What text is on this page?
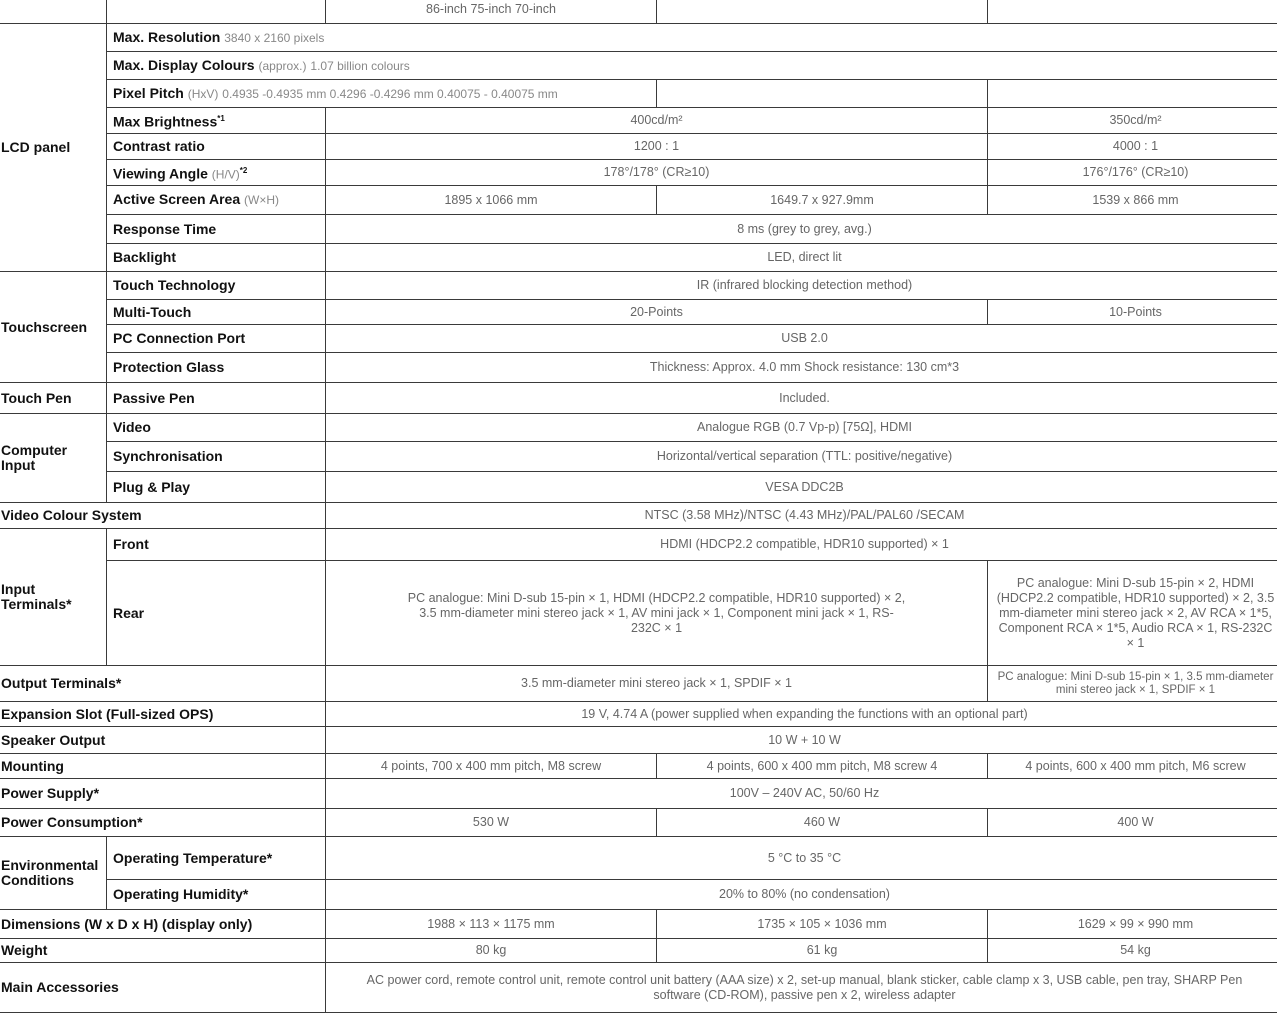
		86-inch 75-inch 70-inch		
LCD panel	Max. Resolution 3840 x 2160 pixels			
	Max. Display Colours (approx.) 1.07 billion colours			
	Pixel Pitch (HxV) 0.4935 -0.4935 mm 0.4296 -0.4296 mm 0.40075 - 0.40075 mm			
	Max Brightness$^{*1}$	400cd/m²		350cd/m²
	Contrast ratio	1200 : 1		4000 : 1
	Viewing Angle $(H/V)^{*2}$	178°/178° (CR≥10)		176°/176° (CR≥10)
	Active Screen Area (W×H)	1895 x 1066 mm	1649.7 x 927.9mm	1539 x 866 mm
	Response Time	8 ms (grey to grey, avg.)		
	Backlight	LED, direct lit		
Touchscreen	Touch Technology	IR (infrared blocking detection method)		
	Multi-Touch	20-Points		10-Points
	PC Connection Port	USB 2.0		
	Protection Glass	Thickness: Approx. 4.0 mm Shock resistance: 130 cm*3		
Touch Pen	Passive Pen	Included.		
Computer Input	Video	Analogue RGB (0.7 Vp-p) [75Ω], HDMI		
	Synchronisation	Horizontal/vertical separation (TTL: positive/negative)		
	Plug & Play	VESA DDC2B		
Video Colour System		NTSC (3.58 MHz)/NTSC (4.43 MHz)/PAL/PAL60 /SECAM		
Input Terminals*	Front	HDMI (HDCP2.2 compatible, HDR10 supported) × 1		
	Rear	PC analogue: Mini D-sub 15-pin × 1, HDMI (HDCP2.2 compatible, HDR10 supported) × 2, 3.5 mm-diameter mini stereo jack × 1, AV mini jack × 1, Component mini jack × 1, RS-232C × 1		PC analogue: Mini D-sub 15-pin × 2, HDMI (HDCP2.2 compatible, HDR10 supported) × 2, 3.5 mm-diameter mini stereo jack × 2, AV RCA × 1*5, Component RCA × 1*5, Audio RCA × 1, RS-232C × 1
Output Terminals*		3.5 mm-diameter mini stereo jack × 1, SPDIF × 1		PC analogue: Mini D-sub 15-pin × 1, 3.5 mm-diameter mini stereo jack × 1, SPDIF × 1
Expansion Slot (Full-sized OPS)		19 V, 4.74 A (power supplied when expanding the functions with an optional part)		
Speaker Output		10 W + 10 W		
Mounting		4 points, 700 x 400 mm pitch, M8 screw	4 points, 600 x 400 mm pitch, M8 screw 4	4 points, 600 x 400 mm pitch, M6 screw
Power Supply*		100V – 240V AC, 50/60 Hz		
Power Consumption*		530 W	460 W	400 W
Environmental Conditions	Operating Temperature*	5 °C to 35 °C		
	Operating Humidity*	20% to 80% (no condensation)		
Dimensions (W x D x H) (display only)		1988 × 113 × 1175 mm	1735 × 105 × 1036 mm	1629 × 99 × 990 mm
Weight		80 kg	61 kg	54 kg
Main Accessories		AC power cord, remote control unit, remote control unit battery (AAA size) x 2, set-up manual, blank sticker, cable clamp x 3, USB cable, pen tray, SHARP Pen software (CD-ROM), passive pen x 2, wireless adapter		
